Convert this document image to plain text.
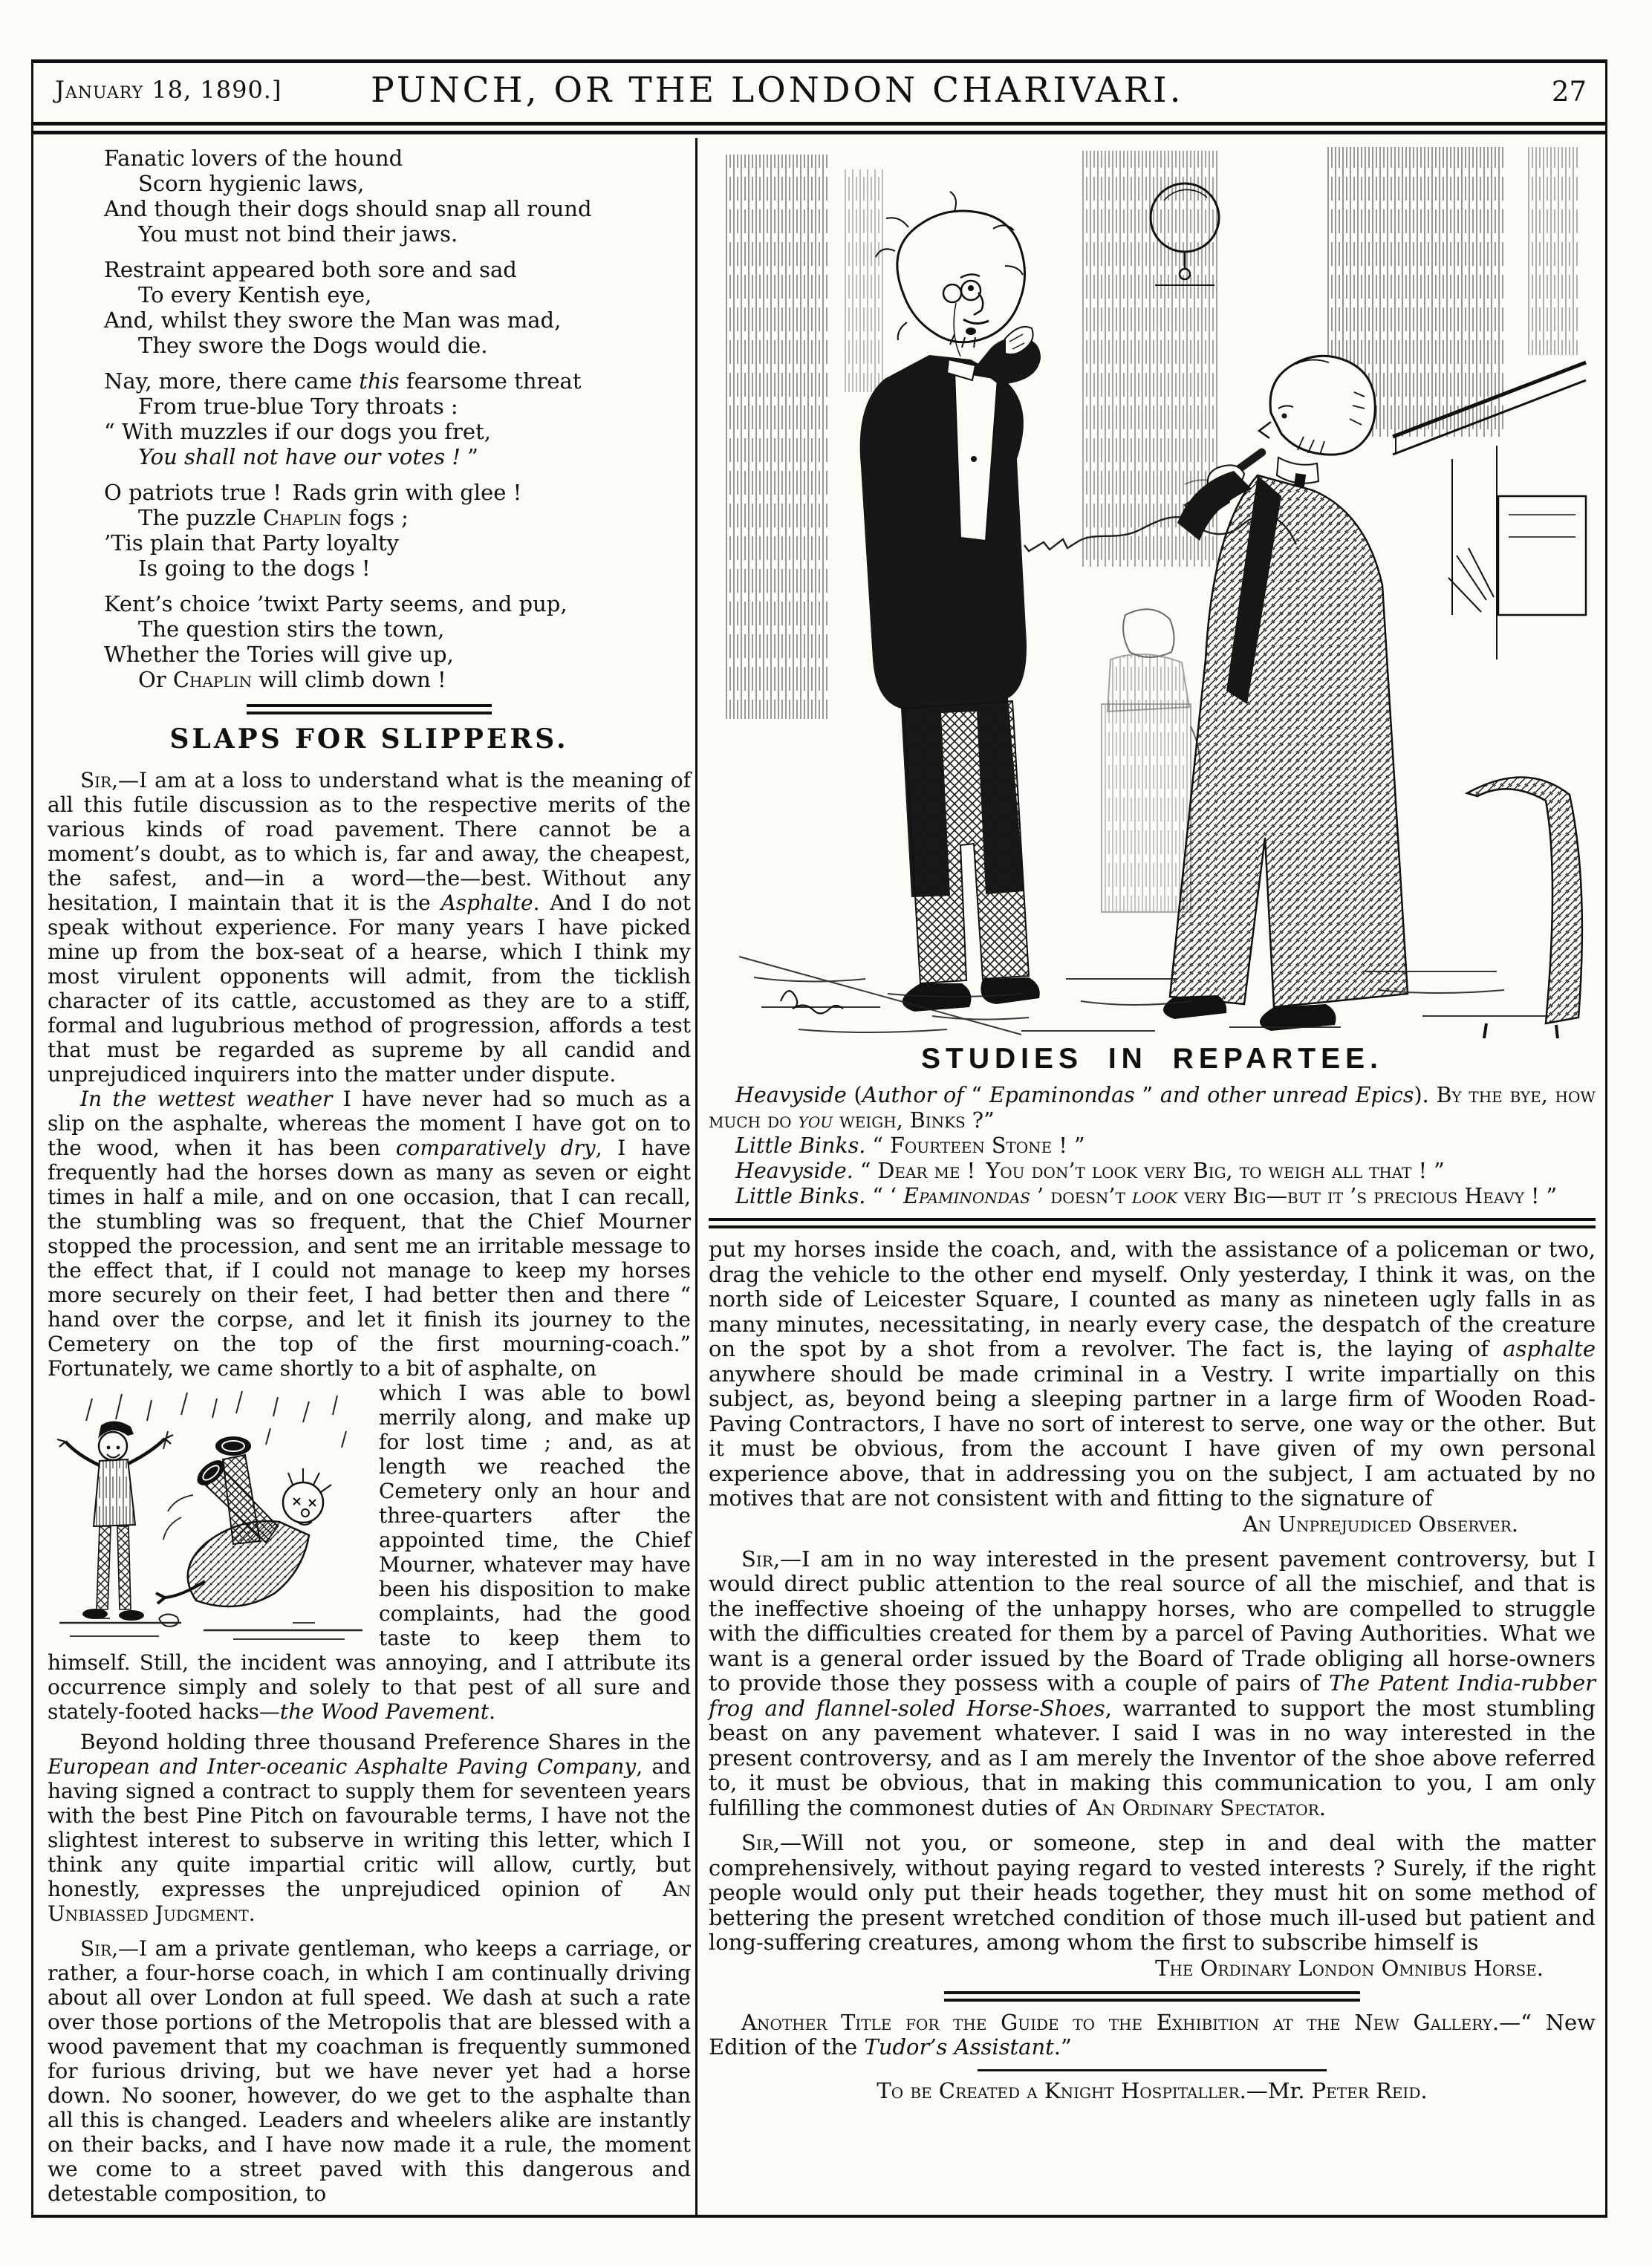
January 18, 1890.]	PUNCH, OR THE LONDON CHARIVARI.	27
Fanatic lovers of the hound
Scorn hygienic laws,
And though their dogs should snap all round
You must not bind their jaws.
Restraint appeared both sore and sad
To every Kentish eye,
And, whilst they swore the Man was mad,
They swore the Dogs would die.
Nay, more, there came this fearsome threat
From true-blue Tory throats :
“ With muzzles if our dogs you fret,
You shall not have our votes ! ”
O patriots true ! Rads grin with glee !
The puzzle Chaplin fogs ;
’Tis plain that Party loyalty
Is going to the dogs !
Kent’s choice ’twixt Party seems, and pup,
The question stirs the town,
Whether the Tories will give up,
Or Chaplin will climb down !
SLAPS FOR SLIPPERS.

Sir,—I am at a loss to understand what is the meaning of all this futile discussion as to the respective merits of the various kinds of road pavement. There cannot be a moment’s doubt, as to which is, far and away, the cheapest, the safest, and—in a word—the—best. Without any hesitation, I maintain that it is the Asphalte. And I do not speak without experience. For many years I have picked mine up from the box-seat of a hearse, which I think my most virulent opponents will admit, from the ticklish character of its cattle, accustomed as they are to a stiff, formal and lugubrious method of progression, affords a test that must be regarded as supreme by all candid and unprejudiced inquirers into the matter under dispute.

In the wettest weather I have never had so much as a slip on the asphalte, whereas the moment I have got on to the wood, when it has been comparatively dry, I have frequently had the horses down as many as seven or eight times in half a mile, and on one occasion, that I can recall, the stumbling was so frequent, that the Chief Mourner stopped the procession, and sent me an irritable message to the effect that, if I could not manage to keep my horses more securely on their feet, I had better then and there “ hand over the corpse, and let it finish its journey to the Cemetery on the top of the first mourning-coach.” Fortunately, we came shortly to a bit of asphalte, on

which I was able to bowl merrily along, and make up for lost time ; and, as at length we reached the Cemetery only an hour and three-quarters after the appointed time, the Chief Mourner, whatever may have been his disposition to make complaints, had the good taste to keep them to himself. Still, the incident was annoying, and I attribute its occurrence simply and solely to that pest of all sure and stately-footed hacks—the Wood Pavement.

Beyond holding three thousand Preference Shares in the European and Inter-oceanic Asphalte Paving Company, and having signed a contract to supply them for seventeen years with the best Pine Pitch on favourable terms, I have not the slightest interest to subserve in writing this letter, which I think any quite impartial critic will allow, curtly, but honestly, expresses the unprejudiced opinion of  An Unbiassed Judgment.

Sir,—I am a private gentleman, who keeps a carriage, or rather, a four-horse coach, in which I am continually driving about all over London at full speed. We dash at such a rate over those portions of the Metropolis that are blessed with a wood pavement that my coachman is frequently summoned for furious driving, but we have never yet had a horse down. No sooner, however, do we get to the asphalte than all this is changed. Leaders and wheelers alike are instantly on their backs, and I have now made it a rule, the moment we come to a street paved with this dangerous and detestable composition, to

STUDIES IN REPARTEE.

Heavyside (Author of “ Epaminondas ” and other unread Epics). By the bye, how much do you weigh, Binks ?”

Little Binks. “ Fourteen Stone ! ”

Heavyside. “ Dear me ! You don’t look very Big, to weigh all that ! ”

Little Binks. “ ‘ Epaminondas ’ doesn’t look very Big—but it ’s precious Heavy ! ”

put my horses inside the coach, and, with the assistance of a policeman or two, drag the vehicle to the other end myself. Only yesterday, I think it was, on the north side of Leicester Square, I counted as many as nineteen ugly falls in as many minutes, necessitating, in nearly every case, the despatch of the creature on the spot by a shot from a revolver. The fact is, the laying of asphalte anywhere should be made criminal in a Vestry. I write impartially on this subject, as, beyond being a sleeping partner in a large firm of Wooden Road-Paving Contractors, I have no sort of interest to serve, one way or the other. But it must be obvious, from the account I have given of my own personal experience above, that in addressing you on the subject, I am actuated by no motives that are not consistent with and fitting to the signature of

An Unprejudiced Observer.

Sir,—I am in no way interested in the present pavement controversy, but I would direct public attention to the real source of all the mischief, and that is the ineffective shoeing of the unhappy horses, who are compelled to struggle with the difficulties created for them by a parcel of Paving Authorities. What we want is a general order issued by the Board of Trade obliging all horse-owners to provide those they possess with a couple of pairs of The Patent India-rubber frog and flannel-soled Horse-Shoes, warranted to support the most stumbling beast on any pavement whatever. I said I was in no way interested in the present controversy, and as I am merely the Inventor of the shoe above referred to, it must be obvious, that in making this communication to you, I am only fulfilling the commonest duties of An Ordinary Spectator.

Sir,—Will not you, or someone, step in and deal with the matter comprehensively, without paying regard to vested interests ? Surely, if the right people would only put their heads together, they must hit on some method of bettering the present wretched condition of those much ill-used but patient and long-suffering creatures, among whom the first to subscribe himself is

The Ordinary London Omnibus Horse.

Another Title for the Guide to the Exhibition at the New Gallery.—“ New Edition of the Tudor’s Assistant.”

To be Created a Knight Hospitaller.—Mr. Peter Reid.
